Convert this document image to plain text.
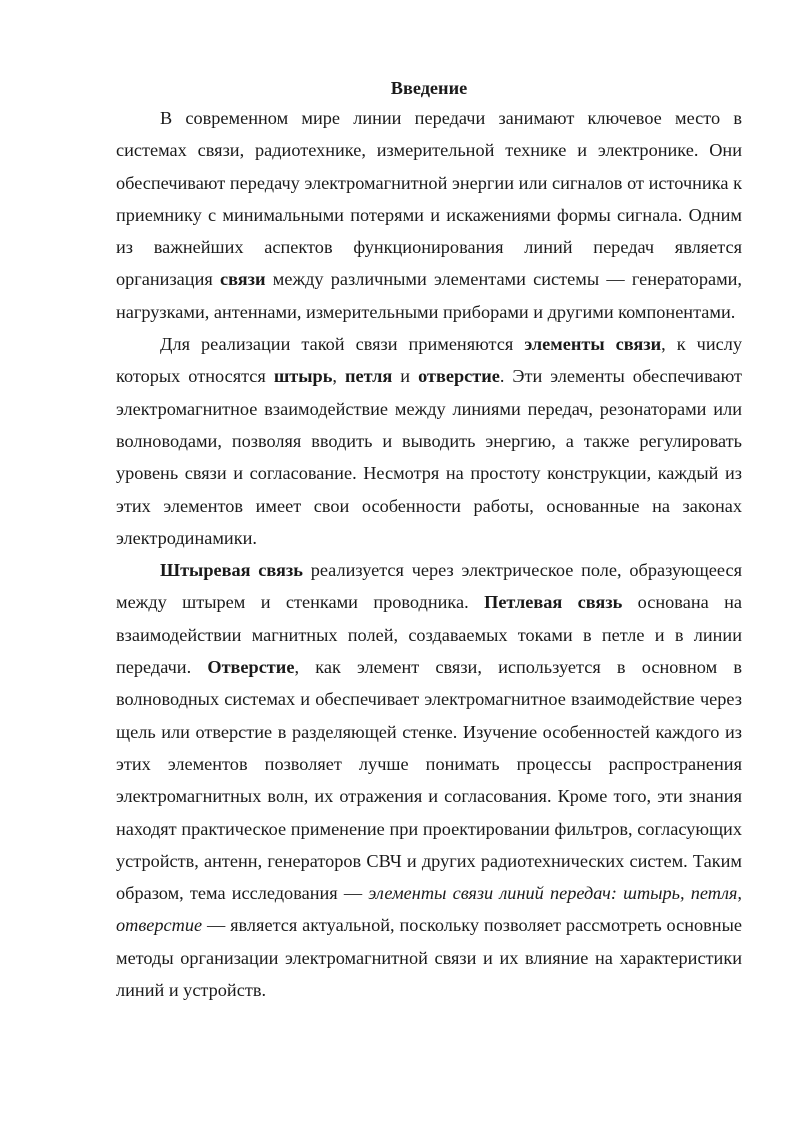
Введение

В современном мире линии передачи занимают ключевое место в системах связи, радиотехнике, измерительной технике и электронике. Они обеспечивают передачу электромагнитной энергии или сигналов от источника к приемнику с минимальными потерями и искажениями формы сигнала. Одним из важнейших аспектов функционирования линий передач является организация связи между различными элементами системы — генераторами, нагрузками, антеннами, измерительными приборами и другими компонентами.

Для реализации такой связи применяются элементы связи, к числу которых относятся штырь, петля и отверстие. Эти элементы обеспечивают электромагнитное взаимодействие между линиями передач, резонаторами или волноводами, позволяя вводить и выводить энергию, а также регулировать уровень связи и согласование. Несмотря на простоту конструкции, каждый из этих элементов имеет свои особенности работы, основанные на законах электродинамики.

Штыревая связь реализуется через электрическое поле, образующееся между штырем и стенками проводника. Петлевая связь основана на взаимодействии магнитных полей, создаваемых токами в петле и в линии передачи. Отверстие, как элемент связи, используется в основном в волноводных системах и обеспечивает электромагнитное взаимодействие через щель или отверстие в разделяющей стенке. Изучение особенностей каждого из этих элементов позволяет лучше понимать процессы распространения электромагнитных волн, их отражения и согласования. Кроме того, эти знания находят практическое применение при проектировании фильтров, согласующих устройств, антенн, генераторов СВЧ и других радиотехнических систем. Таким образом, тема исследования — элементы связи линий передач: штырь, петля, отверстие — является актуальной, поскольку позволяет рассмотреть основные методы организации электромагнитной связи и их влияние на характеристики линий и устройств.
